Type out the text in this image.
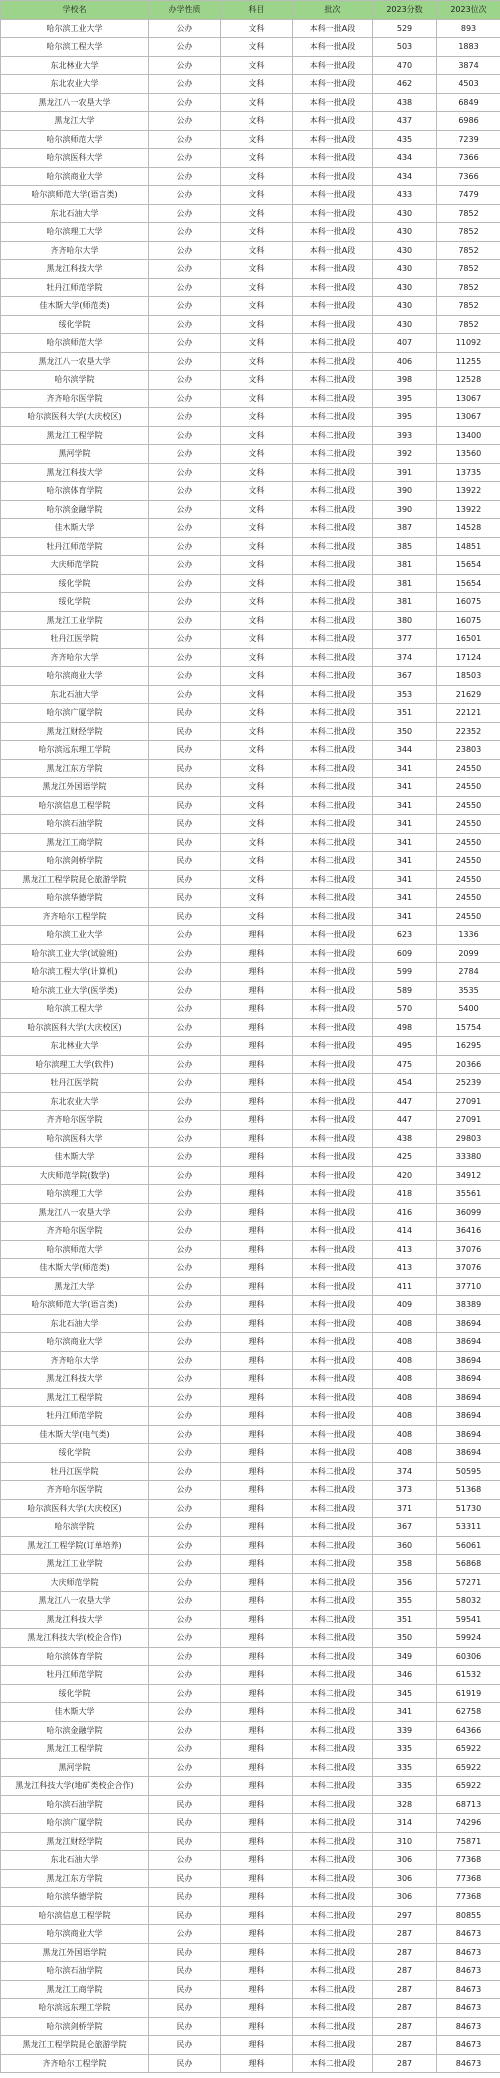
学校名	办学性质	科目	批次	2023分数	2023位次
哈尔滨工业大学	公办	文科	本科一批A段	529	893
哈尔滨工程大学	公办	文科	本科一批A段	503	1883
东北林业大学	公办	文科	本科一批A段	470	3874
东北农业大学	公办	文科	本科一批A段	462	4503
黑龙江八一农垦大学	公办	文科	本科一批A段	438	6849
黑龙江大学	公办	文科	本科一批A段	437	6986
哈尔滨师范大学	公办	文科	本科一批A段	435	7239
哈尔滨医科大学	公办	文科	本科一批A段	434	7366
哈尔滨商业大学	公办	文科	本科一批A段	434	7366
哈尔滨师范大学(语言类)	公办	文科	本科一批A段	433	7479
东北石油大学	公办	文科	本科一批A段	430	7852
哈尔滨理工大学	公办	文科	本科一批A段	430	7852
齐齐哈尔大学	公办	文科	本科一批A段	430	7852
黑龙江科技大学	公办	文科	本科一批A段	430	7852
牡丹江师范学院	公办	文科	本科一批A段	430	7852
佳木斯大学(师范类)	公办	文科	本科一批A段	430	7852
绥化学院	公办	文科	本科一批A段	430	7852
哈尔滨师范大学	公办	文科	本科二批A段	407	11092
黑龙江八一农垦大学	公办	文科	本科二批A段	406	11255
哈尔滨学院	公办	文科	本科二批A段	398	12528
齐齐哈尔医学院	公办	文科	本科二批A段	395	13067
哈尔滨医科大学(大庆校区)	公办	文科	本科二批A段	395	13067
黑龙江工程学院	公办	文科	本科二批A段	393	13400
黑河学院	公办	文科	本科二批A段	392	13560
黑龙江科技大学	公办	文科	本科二批A段	391	13735
哈尔滨体育学院	公办	文科	本科二批A段	390	13922
哈尔滨金融学院	公办	文科	本科二批A段	390	13922
佳木斯大学	公办	文科	本科二批A段	387	14528
牡丹江师范学院	公办	文科	本科二批A段	385	14851
大庆师范学院	公办	文科	本科二批A段	381	15654
绥化学院	公办	文科	本科二批A段	381	15654
绥化学院	公办	文科	本科二批A段	381	16075
黑龙江工业学院	公办	文科	本科二批A段	380	16075
牡丹江医学院	公办	文科	本科二批A段	377	16501
齐齐哈尔大学	公办	文科	本科二批A段	374	17124
哈尔滨商业大学	公办	文科	本科二批A段	367	18503
东北石油大学	公办	文科	本科二批A段	353	21629
哈尔滨广厦学院	民办	文科	本科二批A段	351	22121
黑龙江财经学院	民办	文科	本科二批A段	350	22352
哈尔滨远东理工学院	民办	文科	本科二批A段	344	23803
黑龙江东方学院	民办	文科	本科二批A段	341	24550
黑龙江外国语学院	民办	文科	本科二批A段	341	24550
哈尔滨信息工程学院	民办	文科	本科二批A段	341	24550
哈尔滨石油学院	民办	文科	本科二批A段	341	24550
黑龙江工商学院	民办	文科	本科二批A段	341	24550
哈尔滨剑桥学院	民办	文科	本科二批A段	341	24550
黑龙江工程学院昆仑旅游学院	民办	文科	本科二批A段	341	24550
哈尔滨华德学院	民办	文科	本科二批A段	341	24550
齐齐哈尔工程学院	民办	文科	本科二批A段	341	24550
哈尔滨工业大学	公办	理科	本科一批A段	623	1336
哈尔滨工业大学(试验班)	公办	理科	本科一批A段	609	2099
哈尔滨工程大学(计算机)	公办	理科	本科一批A段	599	2784
哈尔滨工业大学(医学类)	公办	理科	本科一批A段	589	3535
哈尔滨工程大学	公办	理科	本科一批A段	570	5400
哈尔滨医科大学(大庆校区)	公办	理科	本科一批A段	498	15754
东北林业大学	公办	理科	本科一批A段	495	16295
哈尔滨理工大学(软件)	公办	理科	本科一批A段	475	20366
牡丹江医学院	公办	理科	本科一批A段	454	25239
东北农业大学	公办	理科	本科一批A段	447	27091
齐齐哈尔医学院	公办	理科	本科一批A段	447	27091
哈尔滨医科大学	公办	理科	本科一批A段	438	29803
佳木斯大学	公办	理科	本科一批A段	425	33380
大庆师范学院(数学)	公办	理科	本科一批A段	420	34912
哈尔滨理工大学	公办	理科	本科一批A段	418	35561
黑龙江八一农垦大学	公办	理科	本科一批A段	416	36099
齐齐哈尔医学院	公办	理科	本科一批A段	414	36416
哈尔滨师范大学	公办	理科	本科一批A段	413	37076
佳木斯大学(师范类)	公办	理科	本科一批A段	413	37076
黑龙江大学	公办	理科	本科一批A段	411	37710
哈尔滨师范大学(语言类)	公办	理科	本科一批A段	409	38389
东北石油大学	公办	理科	本科一批A段	408	38694
哈尔滨商业大学	公办	理科	本科一批A段	408	38694
齐齐哈尔大学	公办	理科	本科一批A段	408	38694
黑龙江科技大学	公办	理科	本科一批A段	408	38694
黑龙江工程学院	公办	理科	本科一批A段	408	38694
牡丹江师范学院	公办	理科	本科一批A段	408	38694
佳木斯大学(电气类)	公办	理科	本科一批A段	408	38694
绥化学院	公办	理科	本科一批A段	408	38694
牡丹江医学院	公办	理科	本科二批A段	374	50595
齐齐哈尔医学院	公办	理科	本科二批A段	373	51368
哈尔滨医科大学(大庆校区)	公办	理科	本科二批A段	371	51730
哈尔滨学院	公办	理科	本科二批A段	367	53311
黑龙江工程学院(订单培养)	公办	理科	本科二批A段	360	56061
黑龙江工业学院	公办	理科	本科二批A段	358	56868
大庆师范学院	公办	理科	本科二批A段	356	57271
黑龙江八一农垦大学	公办	理科	本科二批A段	355	58032
黑龙江科技大学	公办	理科	本科二批A段	351	59541
黑龙江科技大学(校企合作)	公办	理科	本科二批A段	350	59924
哈尔滨体育学院	公办	理科	本科二批A段	349	60306
牡丹江师范学院	公办	理科	本科二批A段	346	61532
绥化学院	公办	理科	本科二批A段	345	61919
佳木斯大学	公办	理科	本科二批A段	341	62758
哈尔滨金融学院	公办	理科	本科二批A段	339	64366
黑龙江工程学院	公办	理科	本科二批A段	335	65922
黑河学院	公办	理科	本科二批A段	335	65922
黑龙江科技大学(地矿类校企合作)	公办	理科	本科二批A段	335	65922
哈尔滨石油学院	民办	理科	本科二批A段	328	68713
哈尔滨广厦学院	民办	理科	本科二批A段	314	74296
黑龙江财经学院	民办	理科	本科二批A段	310	75871
东北石油大学	公办	理科	本科二批A段	306	77368
黑龙江东方学院	民办	理科	本科二批A段	306	77368
哈尔滨华德学院	民办	理科	本科二批A段	306	77368
哈尔滨信息工程学院	民办	理科	本科二批A段	297	80855
哈尔滨商业大学	公办	理科	本科二批A段	287	84673
黑龙江外国语学院	民办	理科	本科二批A段	287	84673
哈尔滨石油学院	民办	理科	本科二批A段	287	84673
黑龙江工商学院	民办	理科	本科二批A段	287	84673
哈尔滨远东理工学院	民办	理科	本科二批A段	287	84673
哈尔滨剑桥学院	民办	理科	本科二批A段	287	84673
黑龙江工程学院昆仑旅游学院	民办	理科	本科二批A段	287	84673
齐齐哈尔工程学院	民办	理科	本科二批A段	287	84673
